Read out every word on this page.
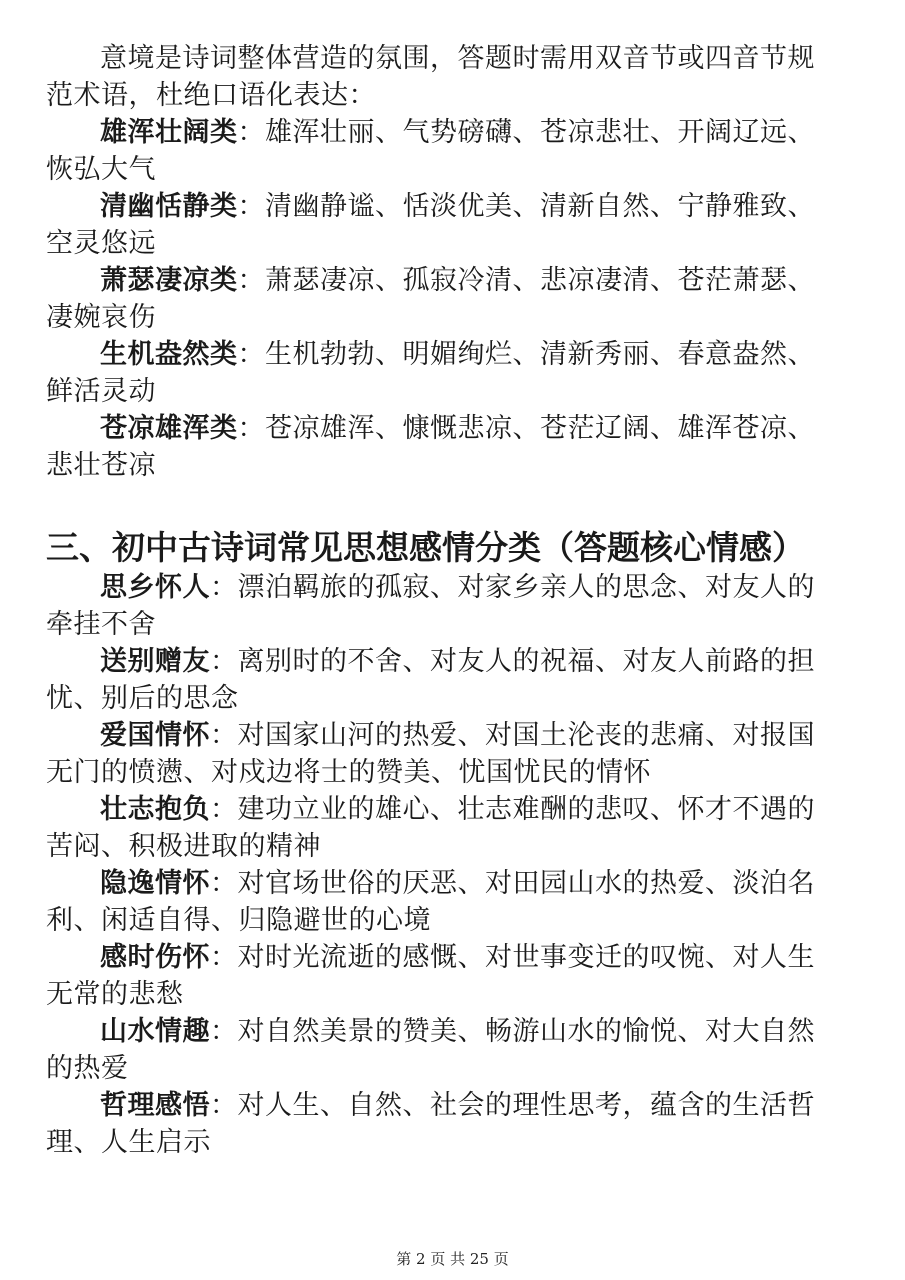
意境是诗词整体营造的氛围，答题时需用双音节或四音节规范术语，杜绝口语化表达：

雄浑壮阔类：雄浑壮丽、气势磅礴、苍凉悲壮、开阔辽远、恢弘大气

清幽恬静类：清幽静谧、恬淡优美、清新自然、宁静雅致、空灵悠远

萧瑟凄凉类：萧瑟凄凉、孤寂冷清、悲凉凄清、苍茫萧瑟、凄婉哀伤

生机盎然类：生机勃勃、明媚绚烂、清新秀丽、春意盎然、鲜活灵动

苍凉雄浑类：苍凉雄浑、慷慨悲凉、苍茫辽阔、雄浑苍凉、悲壮苍凉

三、初中古诗词常见思想感情分类（答题核心情感）

思乡怀人：漂泊羁旅的孤寂、对家乡亲人的思念、对友人的牵挂不舍

送别赠友：离别时的不舍、对友人的祝福、对友人前路的担忧、别后的思念

爱国情怀：对国家山河的热爱、对国土沦丧的悲痛、对报国无门的愤懑、对戍边将士的赞美、忧国忧民的情怀

壮志抱负：建功立业的雄心、壮志难酬的悲叹、怀才不遇的苦闷、积极进取的精神

隐逸情怀：对官场世俗的厌恶、对田园山水的热爱、淡泊名利、闲适自得、归隐避世的心境

感时伤怀：对时光流逝的感慨、对世事变迁的叹惋、对人生无常的悲愁

山水情趣：对自然美景的赞美、畅游山水的愉悦、对大自然的热爱

哲理感悟：对人生、自然、社会的理性思考，蕴含的生活哲理、人生启示

第 2 页 共 25 页
